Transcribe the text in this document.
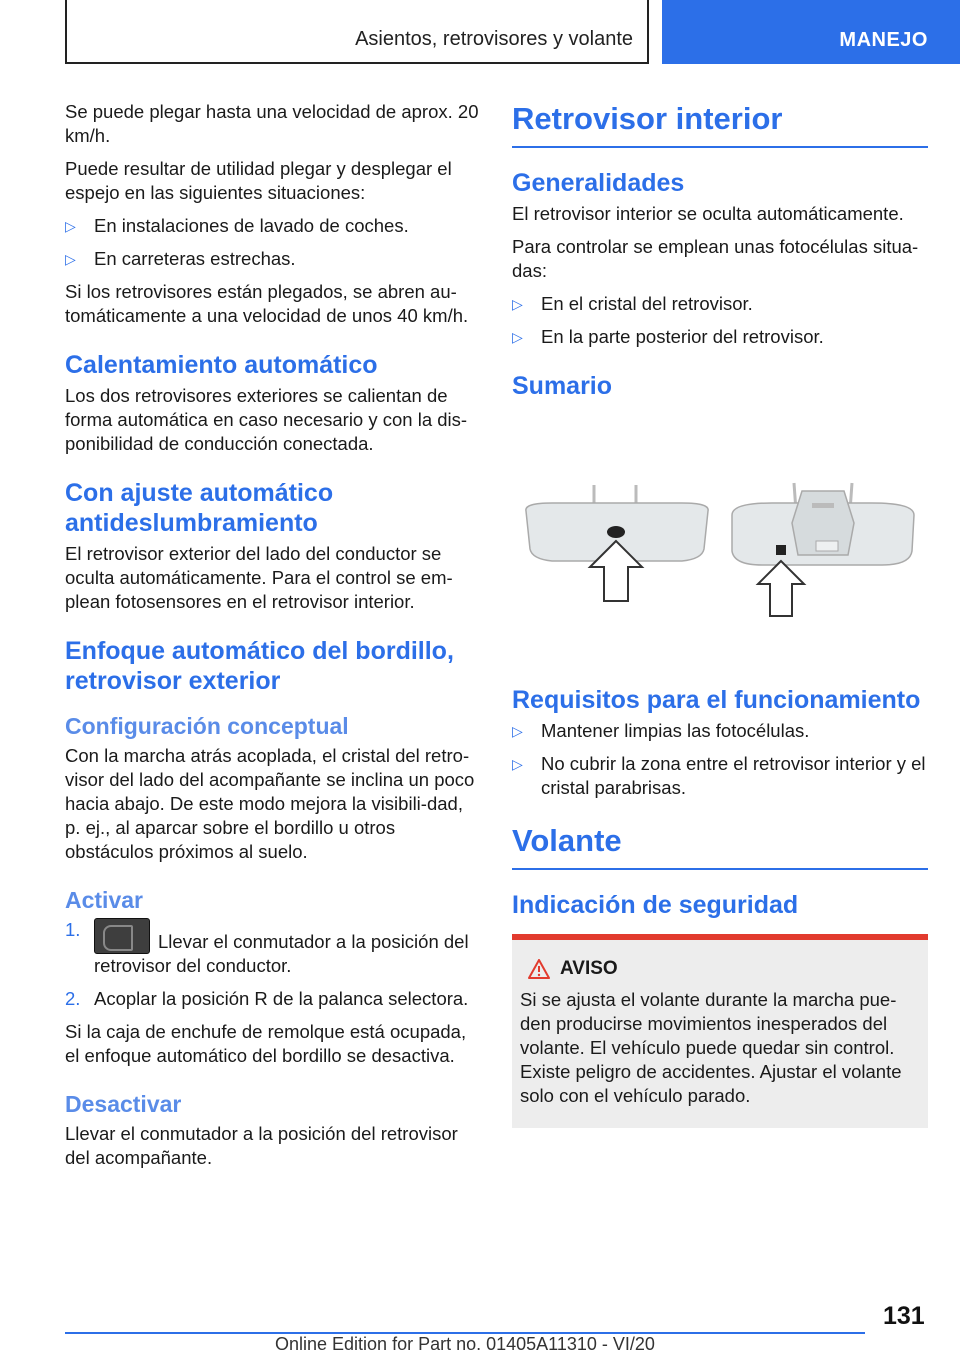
Asientos, retrovisores y volante	MANEJO

Se puede plegar hasta una velocidad de aprox. 20 km/h.

Puede resultar de utilidad plegar y desplegar el espejo en las siguientes situaciones:

▷ En instalaciones de lavado de coches.
▷ En carreteras estrechas.

Si los retrovisores están plegados, se abren au-tomáticamente a una velocidad de unos 40 km/h.

Calentamiento automático

Los dos retrovisores exteriores se calientan de forma automática en caso necesario y con la dis-ponibilidad de conducción conectada.

Con ajuste automático antideslumbramiento

El retrovisor exterior del lado del conductor se oculta automáticamente. Para el control se em-plean fotosensores en el retrovisor interior.

Enfoque automático del bordillo, retrovisor exterior
Configuración conceptual

Con la marcha atrás acoplada, el cristal del retro-visor del lado del acompañante se inclina un poco hacia abajo. De este modo mejora la visibili-dad, p. ej., al aparcar sobre el bordillo u otros obstáculos próximos al suelo.

Activar
1.
Llevar el conmutador a la posición del retrovisor del conductor.
2. Acoplar la posición R de la palanca selectora.

Si la caja de enchufe de remolque está ocupada, el enfoque automático del bordillo se desactiva.

Desactivar

Llevar el conmutador a la posición del retrovisor del acompañante.

Retrovisor interior
Generalidades

El retrovisor interior se oculta automáticamente.

Para controlar se emplean unas fotocélulas situa-das:

▷ En el cristal del retrovisor.
▷ En la parte posterior del retrovisor.
Sumario
Requisitos para el funcionamiento
▷ Mantener limpias las fotocélulas.
▷ No cubrir la zona entre el retrovisor interior y el cristal parabrisas.
Volante
Indicación de seguridad
AVISO

Si se ajusta el volante durante la marcha pue-den producirse movimientos inesperados del volante. El vehículo puede quedar sin control. Existe peligro de accidentes. Ajustar el volante solo con el vehículo parado.

131
Online Edition for Part no. 01405A11310 - VI/20
